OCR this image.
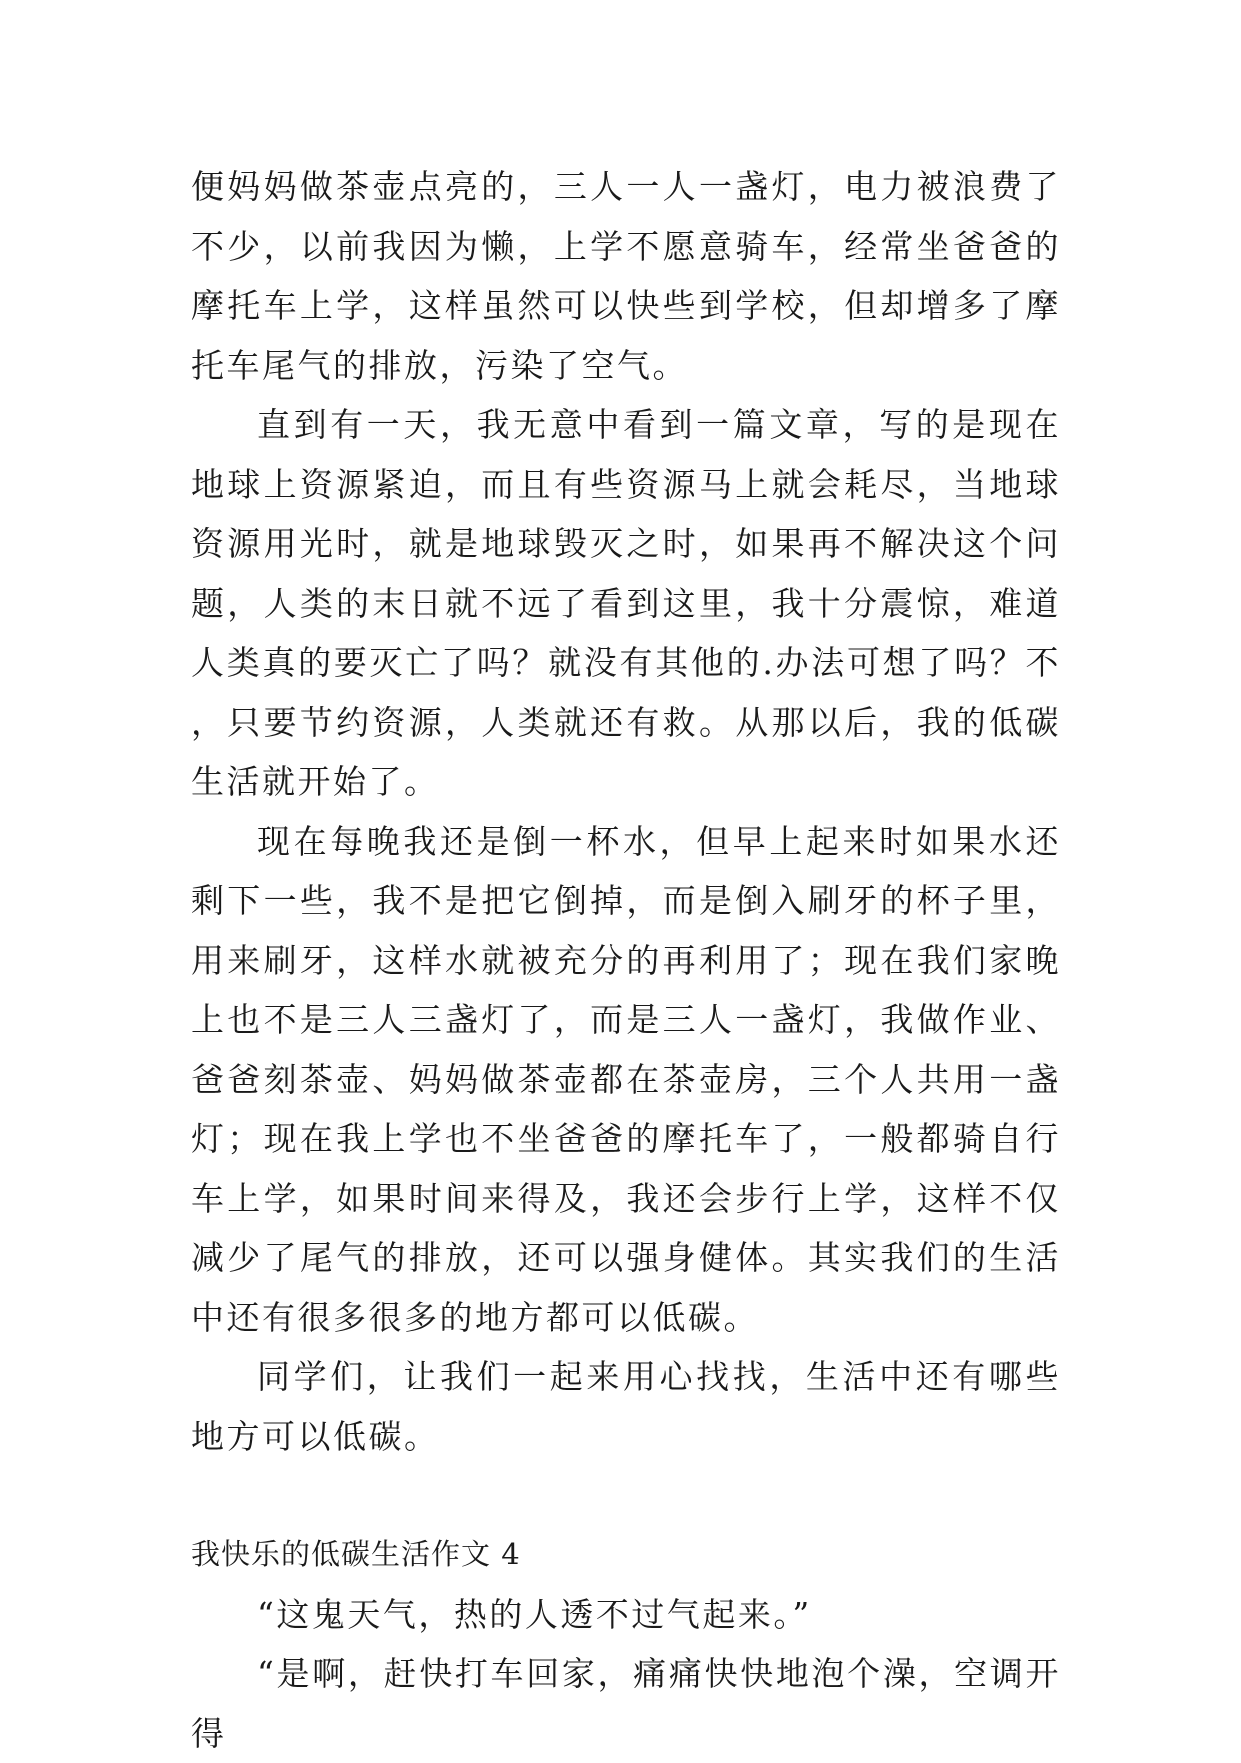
便妈妈做茶壶点亮的，三人一人一盏灯，电力被浪费了不少，以前我因为懒，上学不愿意骑车，经常坐爸爸的摩托车上学，这样虽然可以快些到学校，但却增多了摩托车尾气的排放，污染了空气。

直到有一天，我无意中看到一篇文章，写的是现在地球上资源紧迫，而且有些资源马上就会耗尽，当地球资源用光时，就是地球毁灭之时，如果再不解决这个问题，人类的末日就不远了看到这里，我十分震惊，难道人类真的要灭亡了吗？就没有其他的.办法可想了吗？不，只要节约资源，人类就还有救。从那以后，我的低碳生活就开始了。

现在每晚我还是倒一杯水，但早上起来时如果水还剩下一些，我不是把它倒掉，而是倒入刷牙的杯子里，用来刷牙，这样水就被充分的再利用了；现在我们家晚上也不是三人三盏灯了，而是三人一盏灯，我做作业、爸爸刻茶壶、妈妈做茶壶都在茶壶房，三个人共用一盏灯；现在我上学也不坐爸爸的摩托车了，一般都骑自行车上学，如果时间来得及，我还会步行上学，这样不仅减少了尾气的排放，还可以强身健体。其实我们的生活中还有很多很多的地方都可以低碳。

同学们，让我们一起来用心找找，生活中还有哪些地方可以低碳。

我快乐的低碳生活作文 4

“这鬼天气，热的人透不过气起来。”

“是啊，赶快打车回家，痛痛快快地泡个澡，空调开得
